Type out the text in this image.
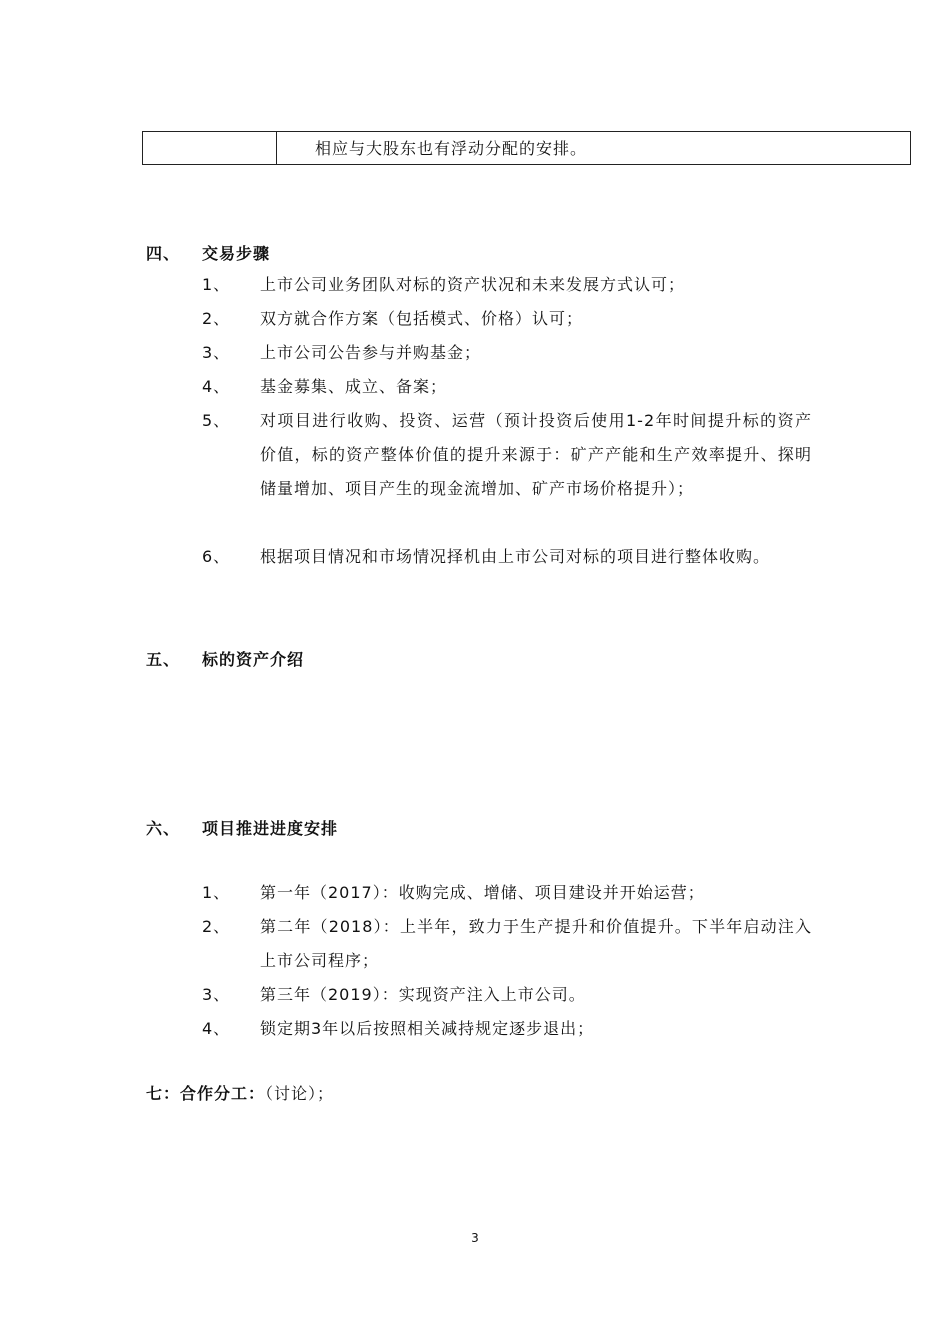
相应与大股东也有浮动分配的安排。
四、	交易步骤
1、	上市公司业务团队对标的资产状况和未来发展方式认可；
2、	双方就合作方案（包括模式、价格）认可；
3、	上市公司公告参与并购基金；
4、	基金募集、成立、备案；
5、	对项目进行收购、投资、运营（预计投资后使用1-2年时间提升标的资产价值，标的资产整体价值的提升来源于：矿产产能和生产效率提升、探明储量增加、项目产生的现金流增加、矿产市场价格提升）；
6、	根据项目情况和市场情况择机由上市公司对标的项目进行整体收购。
五、	标的资产介绍
六、	项目推进进度安排
1、	第一年（2017）：收购完成、增储、项目建设并开始运营；
2、	第二年（2018）：上半年，致力于生产提升和价值提升。下半年启动注入上市公司程序；
3、	第三年（2019）：实现资产注入上市公司。
4、	锁定期3年以后按照相关减持规定逐步退出；
七：合作分工：（讨论）；
3
